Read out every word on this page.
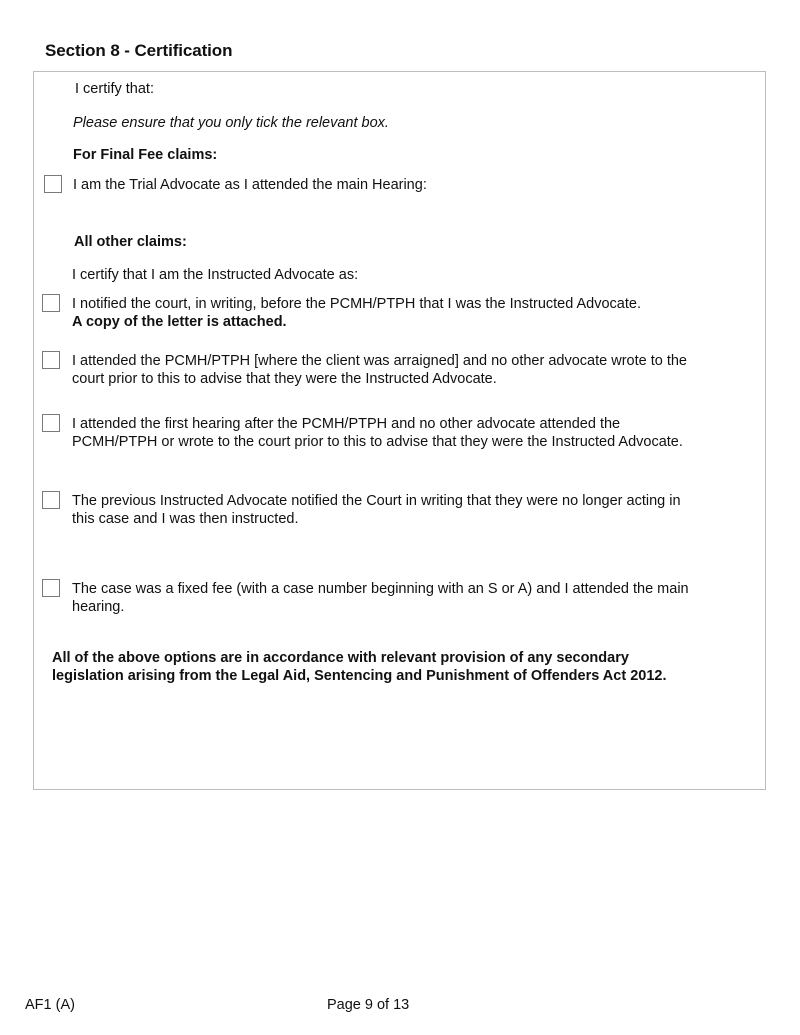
Section 8 - Certification
I certify that:
Please ensure that you only tick the relevant box.
For Final Fee claims:
I am the Trial Advocate as I attended the main Hearing:
All other claims:
I certify that I am the Instructed Advocate as:
I notified the court, in writing, before the PCMH/PTPH that I was the Instructed Advocate.
A copy of the letter is attached.
I attended the PCMH/PTPH [where the client was arraigned] and no other advocate wrote to the
court prior to this to advise that they were the Instructed Advocate.
I attended the first hearing after the PCMH/PTPH and no other advocate attended the
PCMH/PTPH or wrote to the court prior to this to advise that they were the Instructed Advocate.
The previous Instructed Advocate notified the Court in writing that they were no longer acting in
this case and I was then instructed.
The case was a fixed fee (with a case number beginning with an S or A) and I attended the main
hearing.
All of the above options are in accordance with relevant provision of any secondary
legislation arising from the Legal Aid, Sentencing and Punishment of Offenders Act 2012.
AF1 (A)	Page 9 of 13
